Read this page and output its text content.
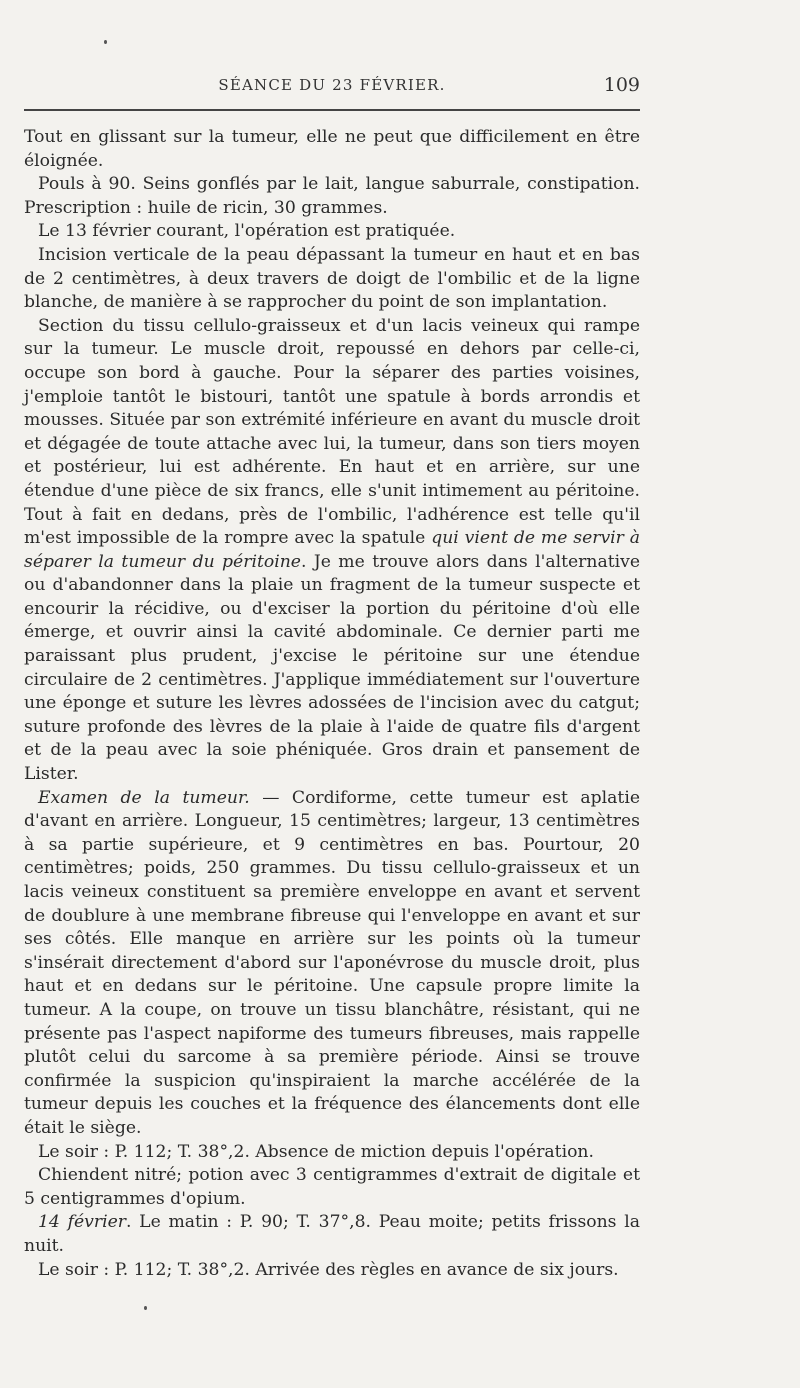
SÉANCE DU 23 FÉVRIER.	109

Tout en glissant sur la tumeur, elle ne peut que difficilement en être éloignée.

Pouls à 90. Seins gonflés par le lait, langue saburrale, constipation. Prescription : huile de ricin, 30 grammes.

Le 13 février courant, l'opération est pratiquée.

Incision verticale de la peau dépassant la tumeur en haut et en bas de 2 centimètres, à deux travers de doigt de l'ombilic et de la ligne blanche, de manière à se rapprocher du point de son implantation.

Section du tissu cellulo-graisseux et d'un lacis veineux qui rampe sur la tumeur. Le muscle droit, repoussé en dehors par celle-ci, occupe son bord à gauche. Pour la séparer des parties voisines, j'emploie tantôt le bistouri, tantôt une spatule à bords arrondis et mousses. Située par son extrémité inférieure en avant du muscle droit et dégagée de toute attache avec lui, la tumeur, dans son tiers moyen et postérieur, lui est adhérente. En haut et en arrière, sur une étendue d'une pièce de six francs, elle s'unit intimement au péritoine. Tout à fait en dedans, près de l'ombilic, l'adhérence est telle qu'il m'est impossible de la rompre avec la spatule qui vient de me servir à séparer la tumeur du péritoine. Je me trouve alors dans l'alternative ou d'abandonner dans la plaie un fragment de la tumeur suspecte et encourir la récidive, ou d'exciser la portion du péritoine d'où elle émerge, et ouvrir ainsi la cavité abdominale. Ce dernier parti me paraissant plus prudent, j'excise le péritoine sur une étendue circulaire de 2 centimètres. J'applique immédiatement sur l'ouverture une éponge et suture les lèvres adossées de l'incision avec du catgut; suture profonde des lèvres de la plaie à l'aide de quatre fils d'argent et de la peau avec la soie phéniquée. Gros drain et pansement de Lister.

Examen de la tumeur. — Cordiforme, cette tumeur est aplatie d'avant en arrière. Longueur, 15 centimètres; largeur, 13 centimètres à sa partie supérieure, et 9 centimètres en bas. Pourtour, 20 centimètres; poids, 250 grammes. Du tissu cellulo-graisseux et un lacis veineux constituent sa première enveloppe en avant et servent de doublure à une membrane fibreuse qui l'enveloppe en avant et sur ses côtés. Elle manque en arrière sur les points où la tumeur s'insérait directement d'abord sur l'aponévrose du muscle droit, plus haut et en dedans sur le péritoine. Une capsule propre limite la tumeur. A la coupe, on trouve un tissu blanchâtre, résistant, qui ne présente pas l'aspect napiforme des tumeurs fibreuses, mais rappelle plutôt celui du sarcome à sa première période. Ainsi se trouve confirmée la suspicion qu'inspiraient la marche accélérée de la tumeur depuis les couches et la fréquence des élancements dont elle était le siège.

Le soir : P. 112; T. 38°,2. Absence de miction depuis l'opération.

Chiendent nitré; potion avec 3 centigrammes d'extrait de digitale et 5 centigrammes d'opium.

14 février. Le matin : P. 90; T. 37°,8. Peau moite; petits frissons la nuit.

Le soir : P. 112; T. 38°,2. Arrivée des règles en avance de six jours.
